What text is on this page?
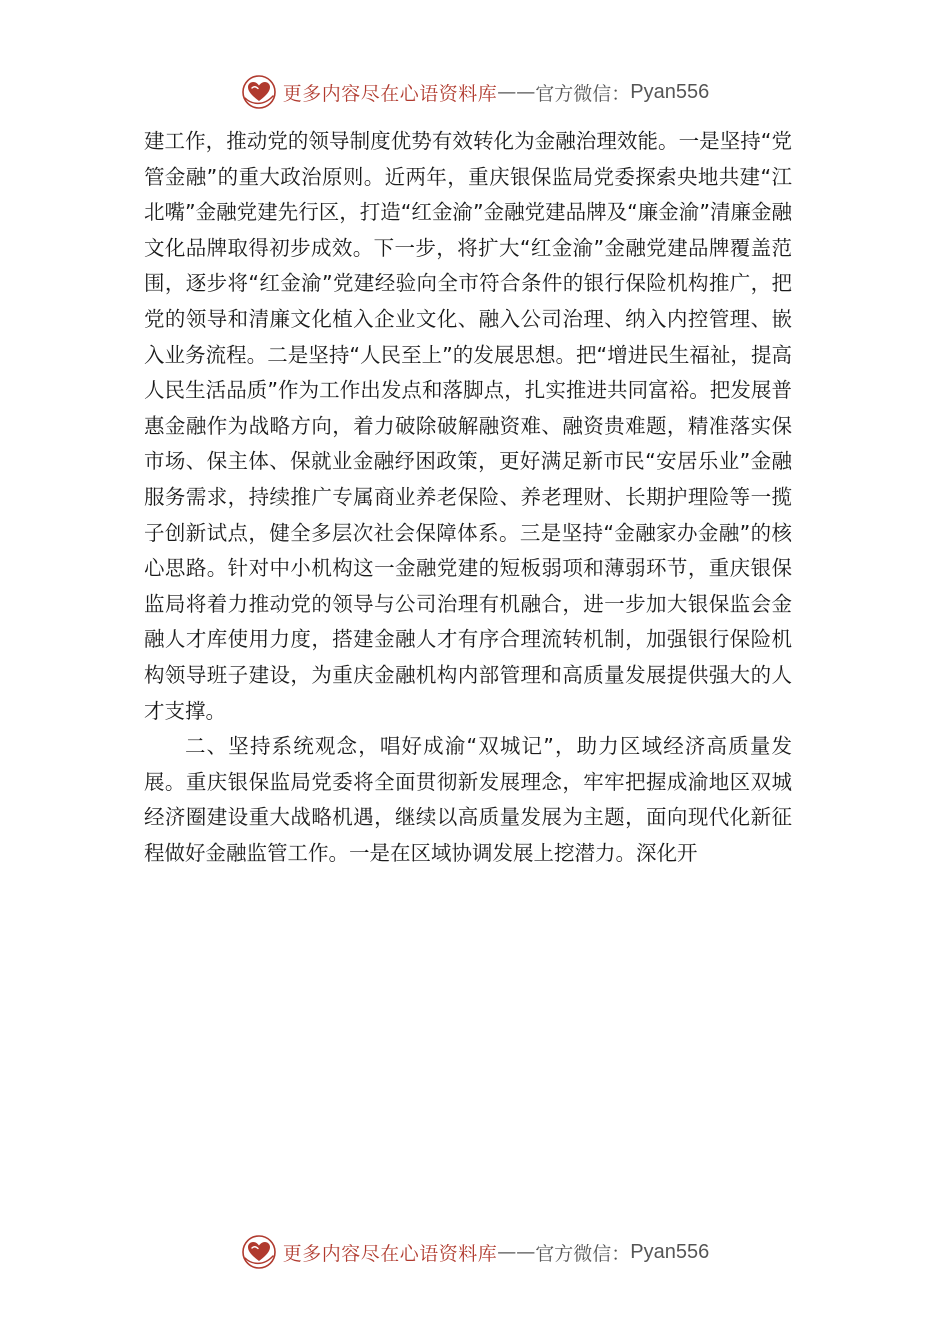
更多内容尽在心语资料库 —— 官方微信： Pyan556

建工作，推动党的领导制度优势有效转化为金融治理效能。一是坚持“党管金融”的重大政治原则。近两年，重庆银保监局党委探索央地共建“江北嘴”金融党建先行区，打造“红金渝”金融党建品牌及“廉金渝”清廉金融文化品牌取得初步成效。下一步，将扩大“红金渝”金融党建品牌覆盖范围，逐步将“红金渝”党建经验向全市符合条件的银行保险机构推广，把党的领导和清廉文化植入企业文化、融入公司治理、纳入内控管理、嵌入业务流程。二是坚持“人民至上”的发展思想。把“增进民生福祉，提高人民生活品质”作为工作出发点和落脚点，扎实推进共同富裕。把发展普惠金融作为战略方向，着力破除破解融资难、融资贵难题，精准落实保市场、保主体、保就业金融纾困政策，更好满足新市民“安居乐业”金融服务需求，持续推广专属商业养老保险、养老理财、长期护理险等一揽子创新试点，健全多层次社会保障体系。三是坚持“金融家办金融”的核心思路。针对中小机构这一金融党建的短板弱项和薄弱环节，重庆银保监局将着力推动党的领导与公司治理有机融合，进一步加大银保监会金融人才库使用力度，搭建金融人才有序合理流转机制，加强银行保险机构领导班子建设，为重庆金融机构内部管理和高质量发展提供强大的人才支撑。

二、坚持系统观念，唱好成渝“双城记”，助力区域经济高质量发展。重庆银保监局党委将全面贯彻新发展理念，牢牢把握成渝地区双城经济圈建设重大战略机遇，继续以高质量发展为主题，面向现代化新征程做好金融监管工作。一是在区域协调发展上挖潜力。深化开

更多内容尽在心语资料库 —— 官方微信： Pyan556
